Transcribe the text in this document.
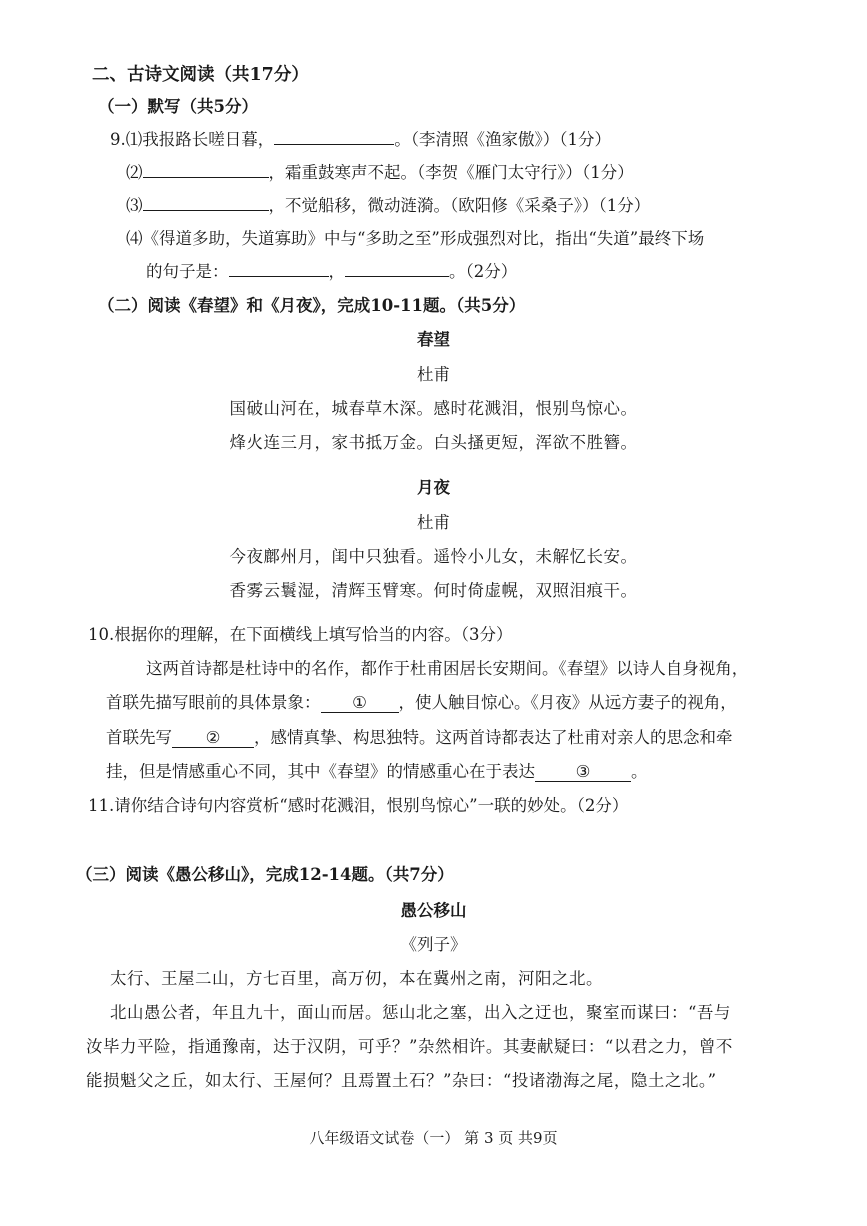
二、古诗文阅读（共17分）
（一）默写（共5分）
9.⑴我报路长嗟日暮，	。（李清照《渔家傲》）（1分）
⑵	，霜重鼓寒声不起。（李贺《雁门太守行》）（1分）
⑶	，不觉船移，微动涟漪。（欧阳修《采桑子》）（1分）
⑷《得道多助，失道寡助》中与“多助之至”形成强烈对比，指出“失道”最终下场
的句子是：	，	。（2分）
（二）阅读《春望》和《月夜》，完成10-11题。（共5分）
春望
杜甫
国破山河在，城春草木深。感时花溅泪，恨别鸟惊心。
烽火连三月，家书抵万金。白头搔更短，浑欲不胜簪。
月夜
杜甫
今夜鄜州月，闺中只独看。遥怜小儿女，未解忆长安。
香雾云鬟湿，清辉玉臂寒。何时倚虚幌，双照泪痕干。
10.根据你的理解，在下面横线上填写恰当的内容。（3分）
这两首诗都是杜诗中的名作，都作于杜甫困居长安期间。《春望》以诗人自身视角，
首联先描写眼前的具体景象： ① ，使人触目惊心。《月夜》从远方妻子的视角，
首联先写 ② ，感情真挚、构思独特。这两首诗都表达了杜甫对亲人的思念和牵
挂，但是情感重心不同，其中《春望》的情感重心在于表达 ③ 。
11.请你结合诗句内容赏析“感时花溅泪，恨别鸟惊心”一联的妙处。（2分）
（三）阅读《愚公移山》，完成12-14题。（共7分）
愚公移山
《列子》
太行、王屋二山，方七百里，高万仞，本在冀州之南，河阳之北。
北山愚公者，年且九十，面山而居。惩山北之塞，出入之迂也，聚室而谋曰：“吾与
汝毕力平险，指通豫南，达于汉阴，可乎？”杂然相许。其妻献疑曰：“以君之力，曾不
能损魁父之丘，如太行、王屋何？且焉置土石？”杂曰：“投诸渤海之尾，隐土之北。”
八年级语文试卷（一） 第 3 页 共9页
